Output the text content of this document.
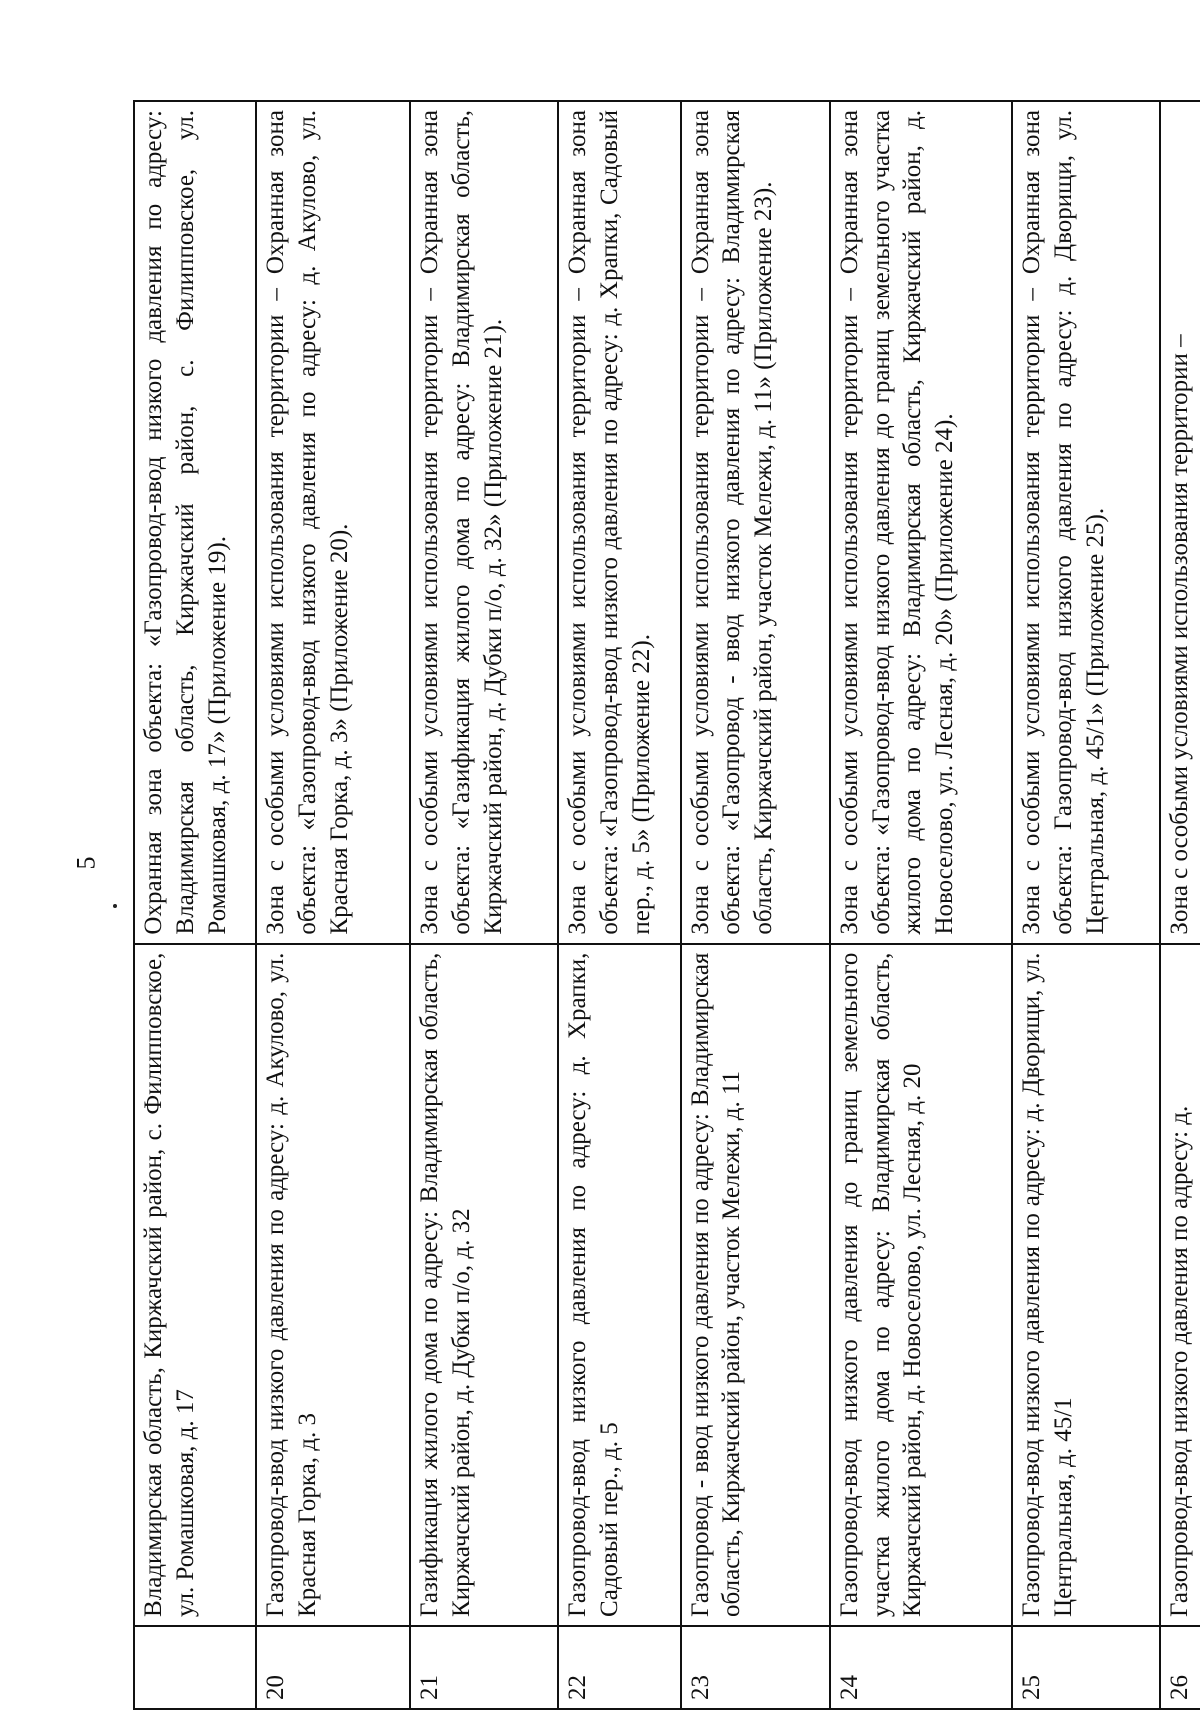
5
	Владимирская область, Киржачский район, с. Филипповское, ул. Ромашковая, д. 17	Охранная зона объекта: «Газопровод-ввод низкого давления по адресу: Владимирская область, Киржачский район, с. Филипповское, ул. Ромашковая, д. 17» (Приложение 19).
20	Газопровод-ввод низкого давления по адресу: д. Акулово, ул. Красная Горка, д. 3	Зона с особыми условиями использования территории – Охранная зона объекта: «Газопровод-ввод низкого давления по адресу: д. Акулово, ул. Красная Горка, д. 3» (Приложение 20).
21	Газификация жилого дома по адресу: Владимирская область, Киржачский район, д. Дубки п/о, д. 32	Зона с особыми условиями использования территории – Охранная зона объекта: «Газификация жилого дома по адресу: Владимирская область, Киржачский район, д. Дубки п/о, д. 32» (Приложение 21).
22	Газопровод-ввод низкого давления по адресу: д. Храпки, Садовый пер., д. 5	Зона с особыми условиями использования территории – Охранная зона объекта: «Газопровод-ввод низкого давления по адресу: д. Храпки, Садовый пер., д. 5» (Приложение 22).
23	Газопровод - ввод низкого давления по адресу: Владимирская область, Киржачский район, участок Мележи, д. 11	Зона с особыми условиями использования территории – Охранная зона объекта: «Газопровод - ввод низкого давления по адресу: Владимирская область, Киржачский район, участок Мележи, д. 11» (Приложение 23).
24	Газопровод-ввод низкого давления до границ земельного участка жилого дома по адресу: Владимирская область, Киржачский район, д. Новоселово, ул. Лесная, д. 20	Зона с особыми условиями использования территории – Охранная зона объекта: «Газопровод-ввод низкого давления до границ земельного участка жилого дома по адресу: Владимирская область, Киржачский район, д. Новоселово, ул. Лесная, д. 20» (Приложение 24).
25	Газопровод-ввод низкого давления по адресу: д. Дворищи, ул. Центральная, д. 45/1	Зона с особыми условиями использования территории – Охранная зона объекта: Газопровод-ввод низкого давления по адресу: д. Дворищи, ул. Центральная, д. 45/1» (Приложение 25).
26	Газопровод-ввод низкого давления по адресу: д.	Зона с особыми условиями использования территории –
